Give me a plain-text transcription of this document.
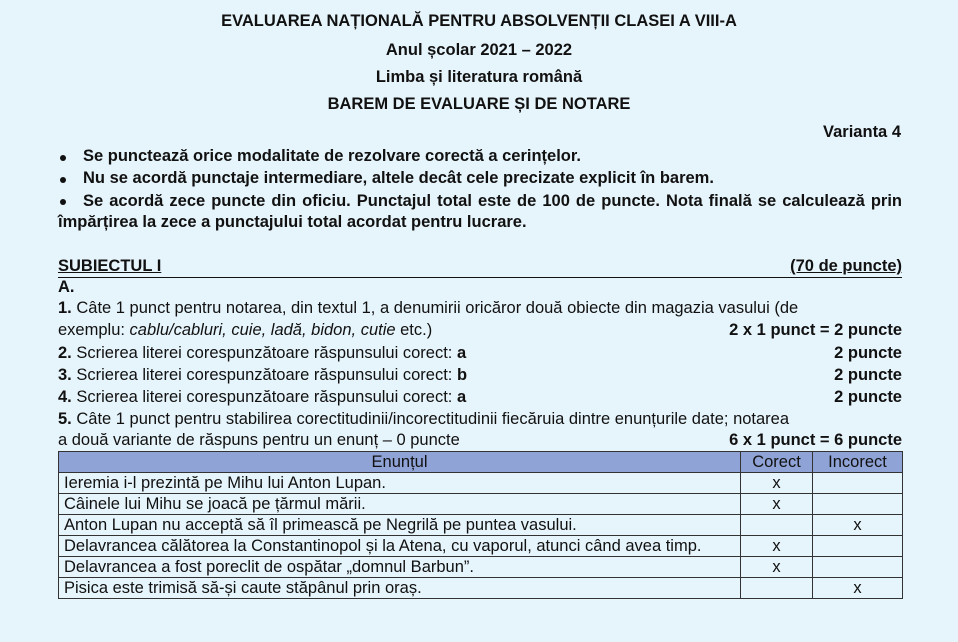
EVALUAREA NAȚIONALĂ PENTRU ABSOLVENȚII CLASEI A VIII-A
Anul școlar 2021 – 2022
Limba și literatura română
BAREM DE EVALUARE ȘI DE NOTARE
Varianta 4
Se punctează orice modalitate de rezolvare corectă a cerințelor.
Nu se acordă punctaje intermediare, altele decât cele precizate explicit în barem.
Se acordă zece puncte din oficiu. Punctajul total este de 100 de puncte. Nota finală se calculează prin împărțirea la zece a punctajului total acordat pentru lucrare.
SUBIECTUL I	(70 de puncte)
A.
1. Câte 1 punct pentru notarea, din textul 1, a denumirii oricăror două obiecte din magazia vasului (de
exemplu: cablu/cabluri, cuie, ladă, bidon, cutie etc.)	2 x 1 punct = 2 puncte
2. Scrierea literei corespunzătoare răspunsului corect: a	2 puncte
3. Scrierea literei corespunzătoare răspunsului corect: b	2 puncte
4. Scrierea literei corespunzătoare răspunsului corect: a	2 puncte
5. Câte 1 punct pentru stabilirea corectitudinii/incorectitudinii fiecăruia dintre enunțurile date; notarea
a două variante de răspuns pentru un enunț – 0 puncte	6 x 1 punct = 6 puncte
Enunțul	Corect	Incorect
Ieremia i-l prezintă pe Mihu lui Anton Lupan.	x	
Câinele lui Mihu se joacă pe țărmul mării.	x	
Anton Lupan nu acceptă să îl primească pe Negrilă pe puntea vasului.		x
Delavrancea călătorea la Constantinopol și la Atena, cu vaporul, atunci când avea timp.	x	
Delavrancea a fost poreclit de ospătar „domnul Barbun”.	x	
Pisica este trimisă să-și caute stăpânul prin oraș.		x
